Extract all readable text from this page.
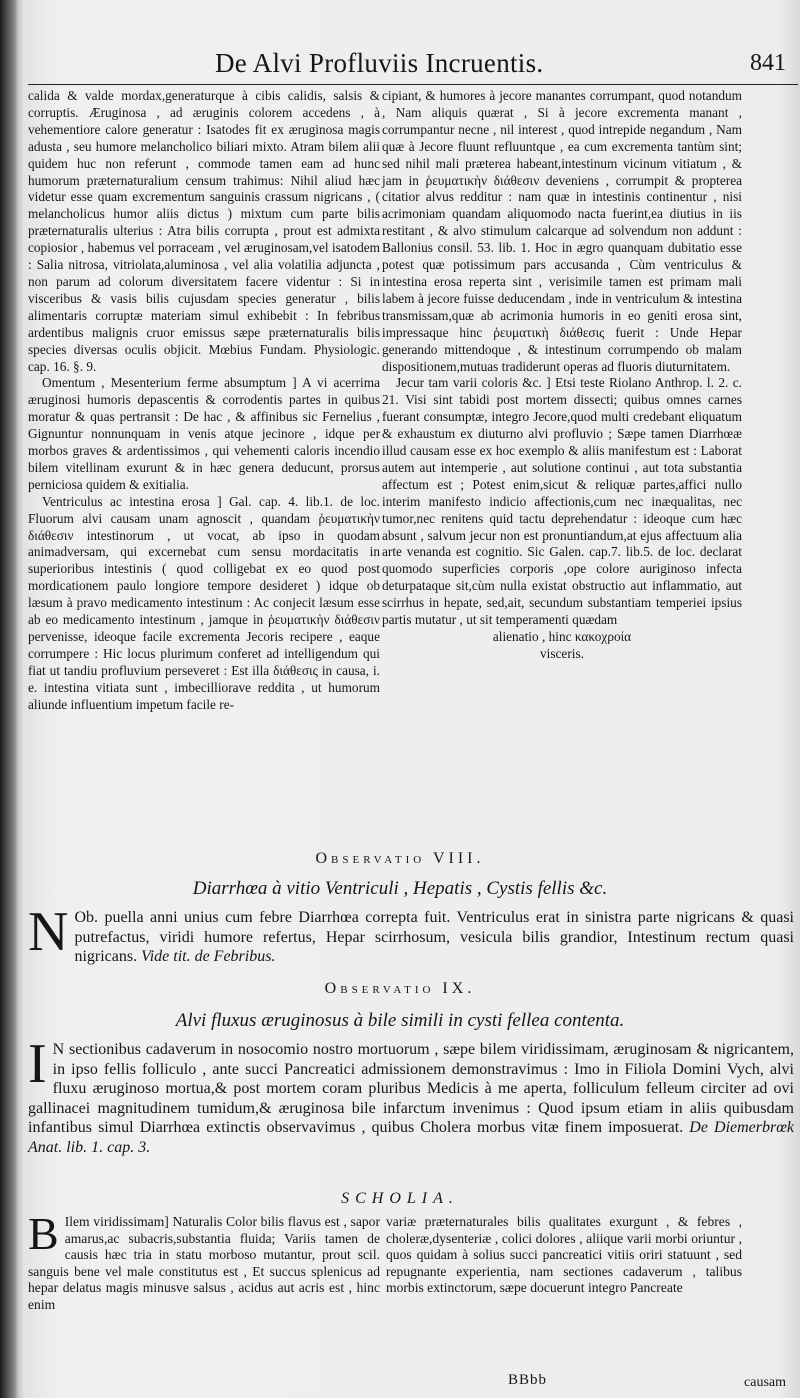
De Alvi Profluviis Incruentis.	841

calida & valde mordax,generaturque à cibis calidis, salsis & corruptis. Æruginosa , ad æruginis colorem accedens , à vehementiore calore generatur : Isatodes fit ex æruginosa magis adusta , seu humore melancholico biliari mixto. Atram bilem alii quidem huc non referunt , commode tamen eam ad hunc humorum præternaturalium censum trahimus: Nihil aliud hæc videtur esse quam excrementum sanguinis crassum nigricans , ( melancholicus humor aliis dictus ) mixtum cum parte bilis præternaturalis ulterius : Atra bilis corrupta , prout est admixta copiosior , habemus vel porraceam , vel æruginosam,vel isatodem : Salia nitrosa, vitriolata,aluminosa , vel alia volatilia adjuncta , non parum ad colorum diversitatem facere videntur : Si in visceribus & vasis bilis cujusdam species generatur , bilis alimentaris corruptæ materiam simul exhibebit : In febribus ardentibus malignis cruor emissus sæpe præternaturalis bilis species diversas oculis objicit. Mœbius Fundam. Physiologic. cap. 16. §. 9.

Omentum , Mesenterium ferme absumptum ] A vi acerrima æruginosi humoris depascentis & corrodentis partes in quibus moratur & quas pertransit : De hac , & affinibus sic Fernelius , Gignuntur nonnunquam in venis atque jecinore , idque per morbos graves & ardentissimos , qui vehementi caloris incendio bilem vitellinam exurunt & in hæc genera deducunt, prorsus perniciosa quidem & exitialia.

Ventriculus ac intestina erosa ] Gal. cap. 4. lib.1. de loc. Fluorum alvi causam unam agnoscit , quandam ῥευματικὴν διάθεσιν intestinorum , ut vocat, ab ipso in quodam animadversam, qui excernebat cum sensu mordacitatis in superioribus intestinis ( quod colligebat ex eo quod post mordicationem paulo longiore tempore desideret ) idque ob læsum à pravo medicamento intestinum : Ac conjecit læsum esse ab eo medicamento intestinum , jamque in ῥευματικὴν διάθεσιν pervenisse, ideoque facile excrementa Jecoris recipere , eaque corrumpere : Hic locus plurimum conferet ad intelligendum qui fiat ut tandiu profluvium perseveret : Est illa διάθεσις in causa, i. e. intestina vitiata sunt , imbecilliorave reddita , ut humorum aliunde influentium impetum facile re-

cipiant, & humores à jecore manantes corrumpant, quod notandum , Nam aliquis quærat , Si à jecore excrementa manant , corrumpantur necne , nil interest , quod intrepide negandum , Nam quæ à Jecore fluunt refluuntque , ea cum excrementa tantùm sint; sed nihil mali præterea habeant,intestinum vicinum vitiatum , & jam in ῥευματικὴν διάθεσιν deveniens , corrumpit & propterea citatior alvus redditur : nam quæ in intestinis continentur , nisi acrimoniam quandam aliquomodo nacta fuerint,ea diutius in iis restitant , & alvo stimulum calcarque ad solvendum non addunt : Ballonius consil. 53. lib. 1. Hoc in ægro quanquam dubitatio esse potest quæ potissimum pars accusanda , Cùm ventriculus & intestina erosa reperta sint , verisimile tamen est primam mali labem à jecore fuisse deducendam , inde in ventriculum & intestina transmissam,quæ ab acrimonia humoris in eo geniti erosa sint, impressaque hinc ῥευματικὴ διάθεσις fuerit : Unde Hepar generando mittendoque , & intestinum corrumpendo ob malam dispositionem,mutuas tradiderunt operas ad fluoris diuturnitatem.

Jecur tam varii coloris &c. ] Etsi teste Riolano Anthrop. l. 2. c. 21. Visi sint tabidi post mortem dissecti; quibus omnes carnes fuerant consumptæ, integro Jecore,quod multi credebant eliquatum & exhaustum ex diuturno alvi profluvio ; Sæpe tamen Diarrhœæ illud causam esse ex hoc exemplo & aliis manifestum est : Laborat autem aut intemperie , aut solutione continui , aut tota substantia affectum est ; Potest enim,sicut & reliquæ partes,affici nullo interim manifesto indicio affectionis,cum nec inæqualitas, nec tumor,nec renitens quid tactu deprehendatur : ideoque cum hæc absunt , salvum jecur non est pronuntiandum,at ejus affectuum alia arte venanda est cognitio. Sic Galen. cap.7. lib.5. de loc. declarat quomodo superficies corporis ,ope colore auriginoso infecta deturpataque sit,cùm nulla existat obstructio aut inflammatio, aut scirrhus in hepate, sed,ait, secundum substantiam temperiei ipsius partis mutatur , ut sit temperamenti quædam

alienatio , hinc κακοχροία

visceris.

Observatio VIII.
Diarrhœa à vitio Ventriculi , Hepatis , Cystis fellis &c.

N Ob. puella anni unius cum febre Diarrhœa correpta fuit. Ventriculus erat in sinistra parte nigricans & quasi putrefactus, viridi humore refertus, Hepar scirrhosum, vesicula bilis grandior, Intestinum rectum quasi nigricans. Vide tit. de Febribus.

Observatio IX.
Alvi fluxus æruginosus à bile simili in cysti fellea contenta.

I N sectionibus cadaverum in nosocomio nostro mortuorum , sæpe bilem viridissimam, æruginosam & nigricantem, in ipso fellis folliculo , ante succi Pancreatici admissionem demonstravimus : Imo in Filiola Domini Vych, alvi fluxu æruginoso mortua,& post mortem coram pluribus Medicis à me aperta, folliculum felleum circiter ad ovi gallinacei magnitudinem tumidum,& æruginosa bile infarctum invenimus : Quod ipsum etiam in aliis quibusdam infantibus simul Diarrhœa extinctis observavimus , quibus Cholera morbus vitæ finem imposuerat. De Diemerbrœk Anat. lib. 1. cap. 3.

SCHOLIA.

B Ilem viridissimam] Naturalis Color bilis flavus est , sapor amarus,ac subacris,substantia fluida; Variis tamen de causis hæc tria in statu morboso mutantur, prout scil. sanguis bene vel male constitutus est , Et succus splenicus ad hepar delatus magis minusve salsus , acidus aut acris est , hinc enim

variæ præternaturales bilis qualitates exurgunt , & febres , choleræ,dysenteriæ , colici dolores , aliique varii morbi oriuntur , quos quidam à solius succi pancreatici vitiis oriri statuunt , sed repugnante experientia, nam sectiones cadaverum , talibus morbis extinctorum, sæpe docuerunt integro Pancreate

BBbb	causam
